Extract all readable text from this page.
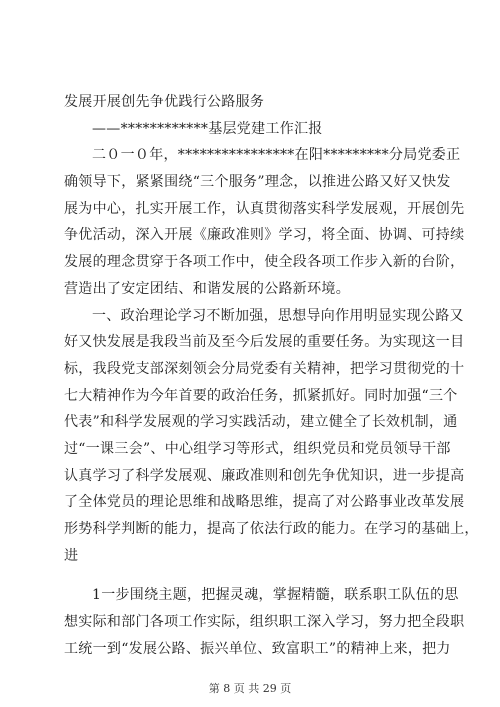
发展开展创先争优践行公路服务
——************基层党建工作汇报
二０一０年，****************在阳*********分局党委正
确领导下，紧紧围绕“三个服务”理念，以推进公路又好又快发
展为中心，扎实开展工作，认真贯彻落实科学发展观，开展创先
争优活动，深入开展《廉政准则》学习，将全面、协调、可持续
发展的理念贯穿于各项工作中，使全段各项工作步入新的台阶，
营造出了安定团结、和谐发展的公路新环境。
一、政治理论学习不断加强，思想导向作用明显实现公路又
好又快发展是我段当前及至今后发展的重要任务。为实现这一目
标，我段党支部深刻领会分局党委有关精神，把学习贯彻党的十
七大精神作为今年首要的政治任务，抓紧抓好。同时加强“三个
代表”和科学发展观的学习实践活动，建立健全了长效机制，通
过“一课三会”、中心组学习等形式，组织党员和党员领导干部
认真学习了科学发展观、廉政准则和创先争优知识，进一步提高
了全体党员的理论思维和战略思维，提高了对公路事业改革发展
形势科学判断的能力，提高了依法行政的能力。在学习的基础上，
进
1一步围绕主题，把握灵魂，掌握精髓，联系职工队伍的思
想实际和部门各项工作实际，组织职工深入学习，努力把全段职
工统一到“发展公路、振兴单位、致富职工”的精神上来，把力
第 8 页 共 29 页
